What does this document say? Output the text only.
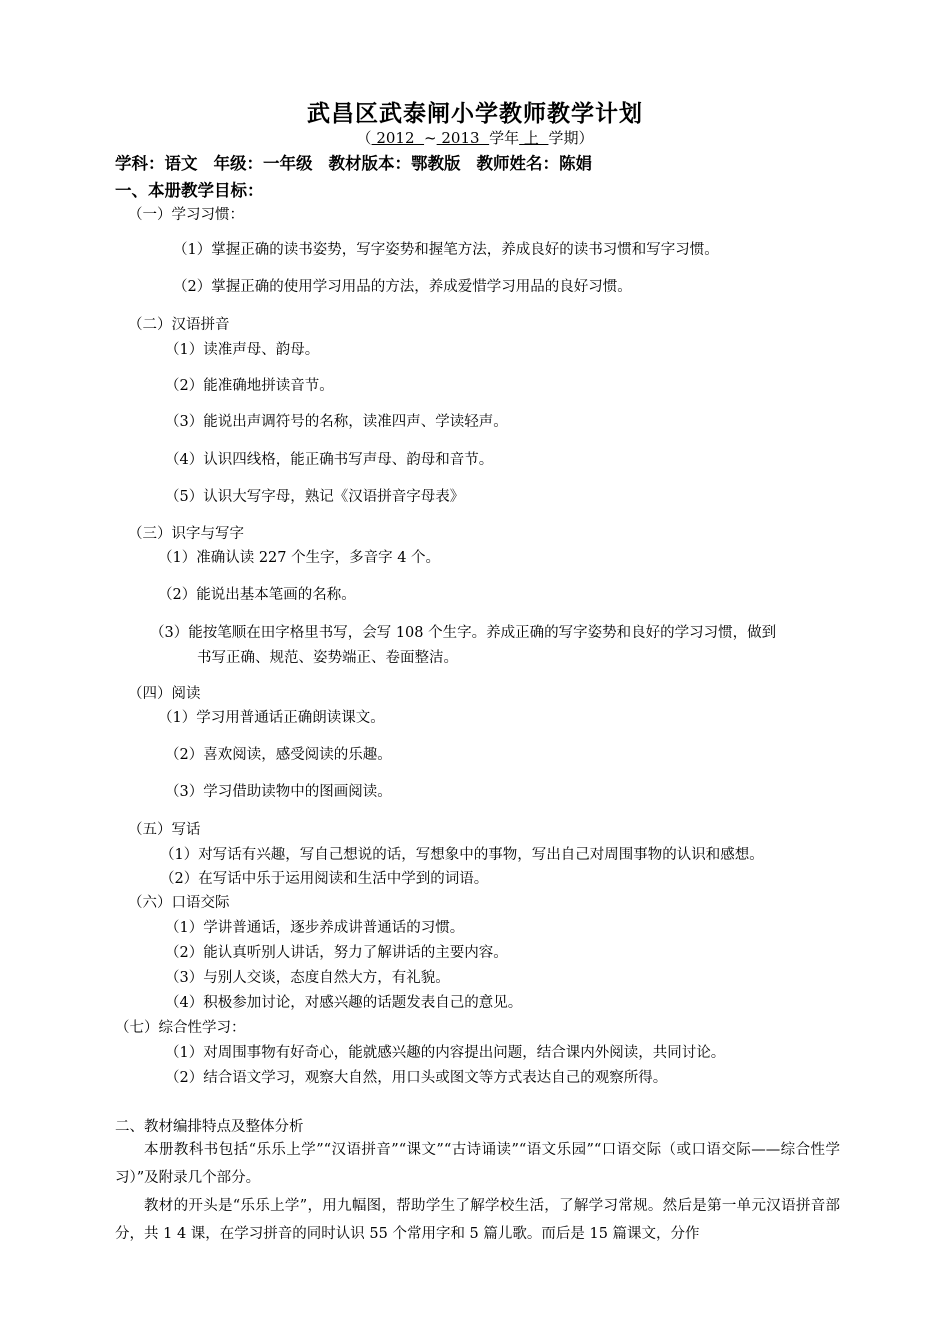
武昌区武泰闸小学教师教学计划
（ 2012  ~ 2013  学年 上  学期）
学科：语文 年级：一年级 教材版本：鄂教版 教师姓名：陈娟
一、本册教学目标：
（一）学习习惯：
（1）掌握正确的读书姿势，写字姿势和握笔方法，养成良好的读书习惯和写字习惯。
（2）掌握正确的使用学习用品的方法，养成爱惜学习用品的良好习惯。
（二）汉语拼音
（1）读准声母、韵母。
（2）能准确地拼读音节。
（3）能说出声调符号的名称，读准四声、学读轻声。
（4）认识四线格，能正确书写声母、韵母和音节。
（5）认识大写字母，熟记《汉语拼音字母表》
（三）识字与写字
（1）准确认读 227 个生字，多音字 4 个。
（2）能说出基本笔画的名称。
（3）能按笔顺在田字格里书写，会写 108 个生字。养成正确的写字姿势和良好的学习习惯，做到
书写正确、规范、姿势端正、卷面整洁。
（四）阅读
（1）学习用普通话正确朗读课文。
（2）喜欢阅读，感受阅读的乐趣。
（3）学习借助读物中的图画阅读。
（五）写话
（1）对写话有兴趣，写自己想说的话，写想象中的事物，写出自己对周围事物的认识和感想。
（2）在写话中乐于运用阅读和生活中学到的词语。
（六）口语交际
（1）学讲普通话，逐步养成讲普通话的习惯。
（2）能认真听别人讲话，努力了解讲话的主要内容。
（3）与别人交谈，态度自然大方，有礼貌。
（4）积极参加讨论，对感兴趣的话题发表自己的意见。
（七）综合性学习：
（1）对周围事物有好奇心，能就感兴趣的内容提出问题，结合课内外阅读，共同讨论。
（2）结合语文学习，观察大自然，用口头或图文等方式表达自己的观察所得。
二、教材编排特点及整体分析

本册教科书包括“乐乐上学”“汉语拼音”“课文”“古诗诵读”“语文乐园”“口语交际（或口语交际——综合性学习）”及附录几个部分。

教材的开头是“乐乐上学”，用九幅图，帮助学生了解学校生活，了解学习常规。然后是第一单元汉语拼音部分，共 1 4 课，在学习拼音的同时认识 55 个常用字和 5 篇儿歌。而后是 15 篇课文，分作
